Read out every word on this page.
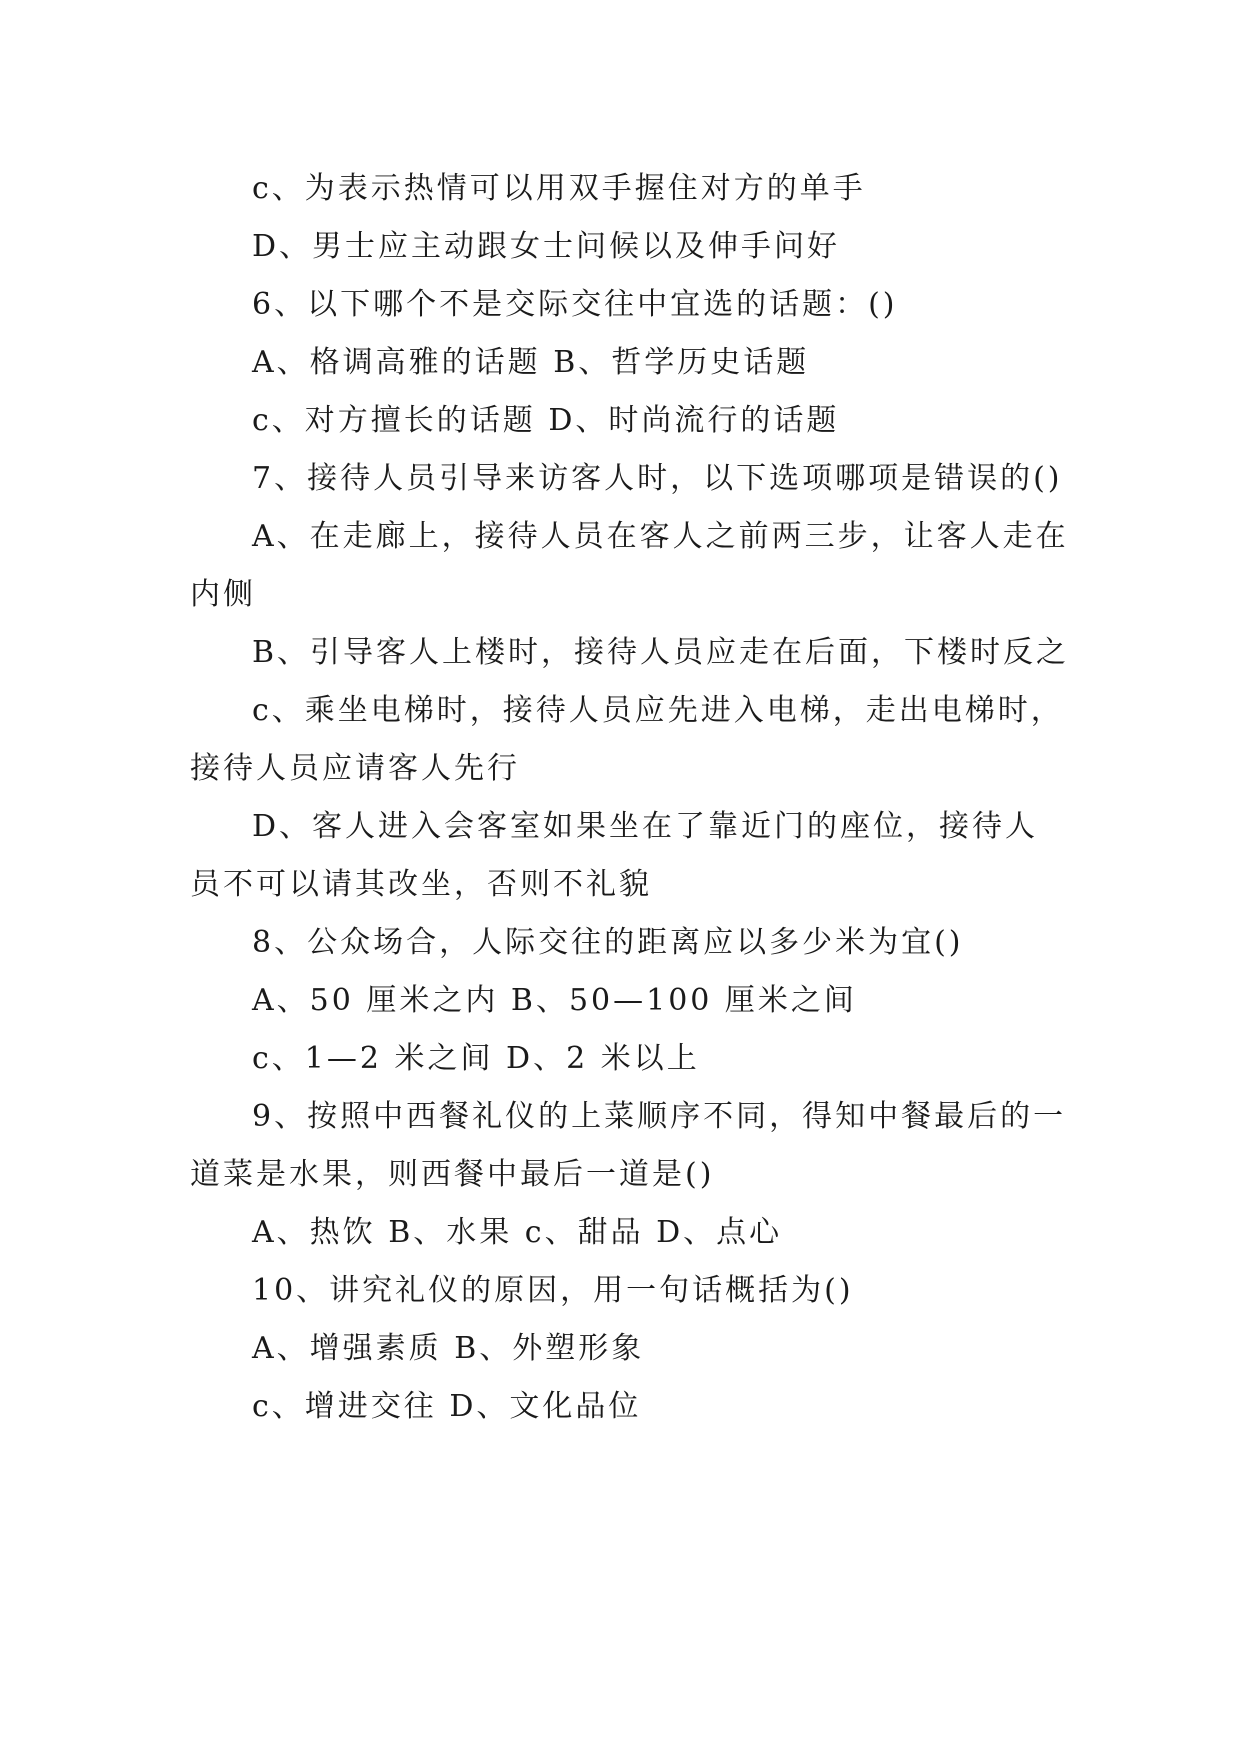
c、为表示热情可以用双手握住对方的单手

D、男士应主动跟女士问候以及伸手问好

6、以下哪个不是交际交往中宜选的话题：()

A、格调高雅的话题 B、哲学历史话题

c、对方擅长的话题 D、时尚流行的话题

7、接待人员引导来访客人时，以下选项哪项是错误的()

A、在走廊上，接待人员在客人之前两三步，让客人走在内侧

B、引导客人上楼时，接待人员应走在后面，下楼时反之

c、乘坐电梯时，接待人员应先进入电梯，走出电梯时，接待人员应请客人先行

D、客人进入会客室如果坐在了靠近门的座位，接待人员不可以请其改坐，否则不礼貌

8、公众场合，人际交往的距离应以多少米为宜()

A、50 厘米之内 B、50—100 厘米之间

c、1—2 米之间 D、2 米以上

9、按照中西餐礼仪的上菜顺序不同，得知中餐最后的一道菜是水果，则西餐中最后一道是()

A、热饮 B、水果 c、甜品 D、点心

10、讲究礼仪的原因，用一句话概括为()

A、增强素质 B、外塑形象

c、增进交往 D、文化品位
